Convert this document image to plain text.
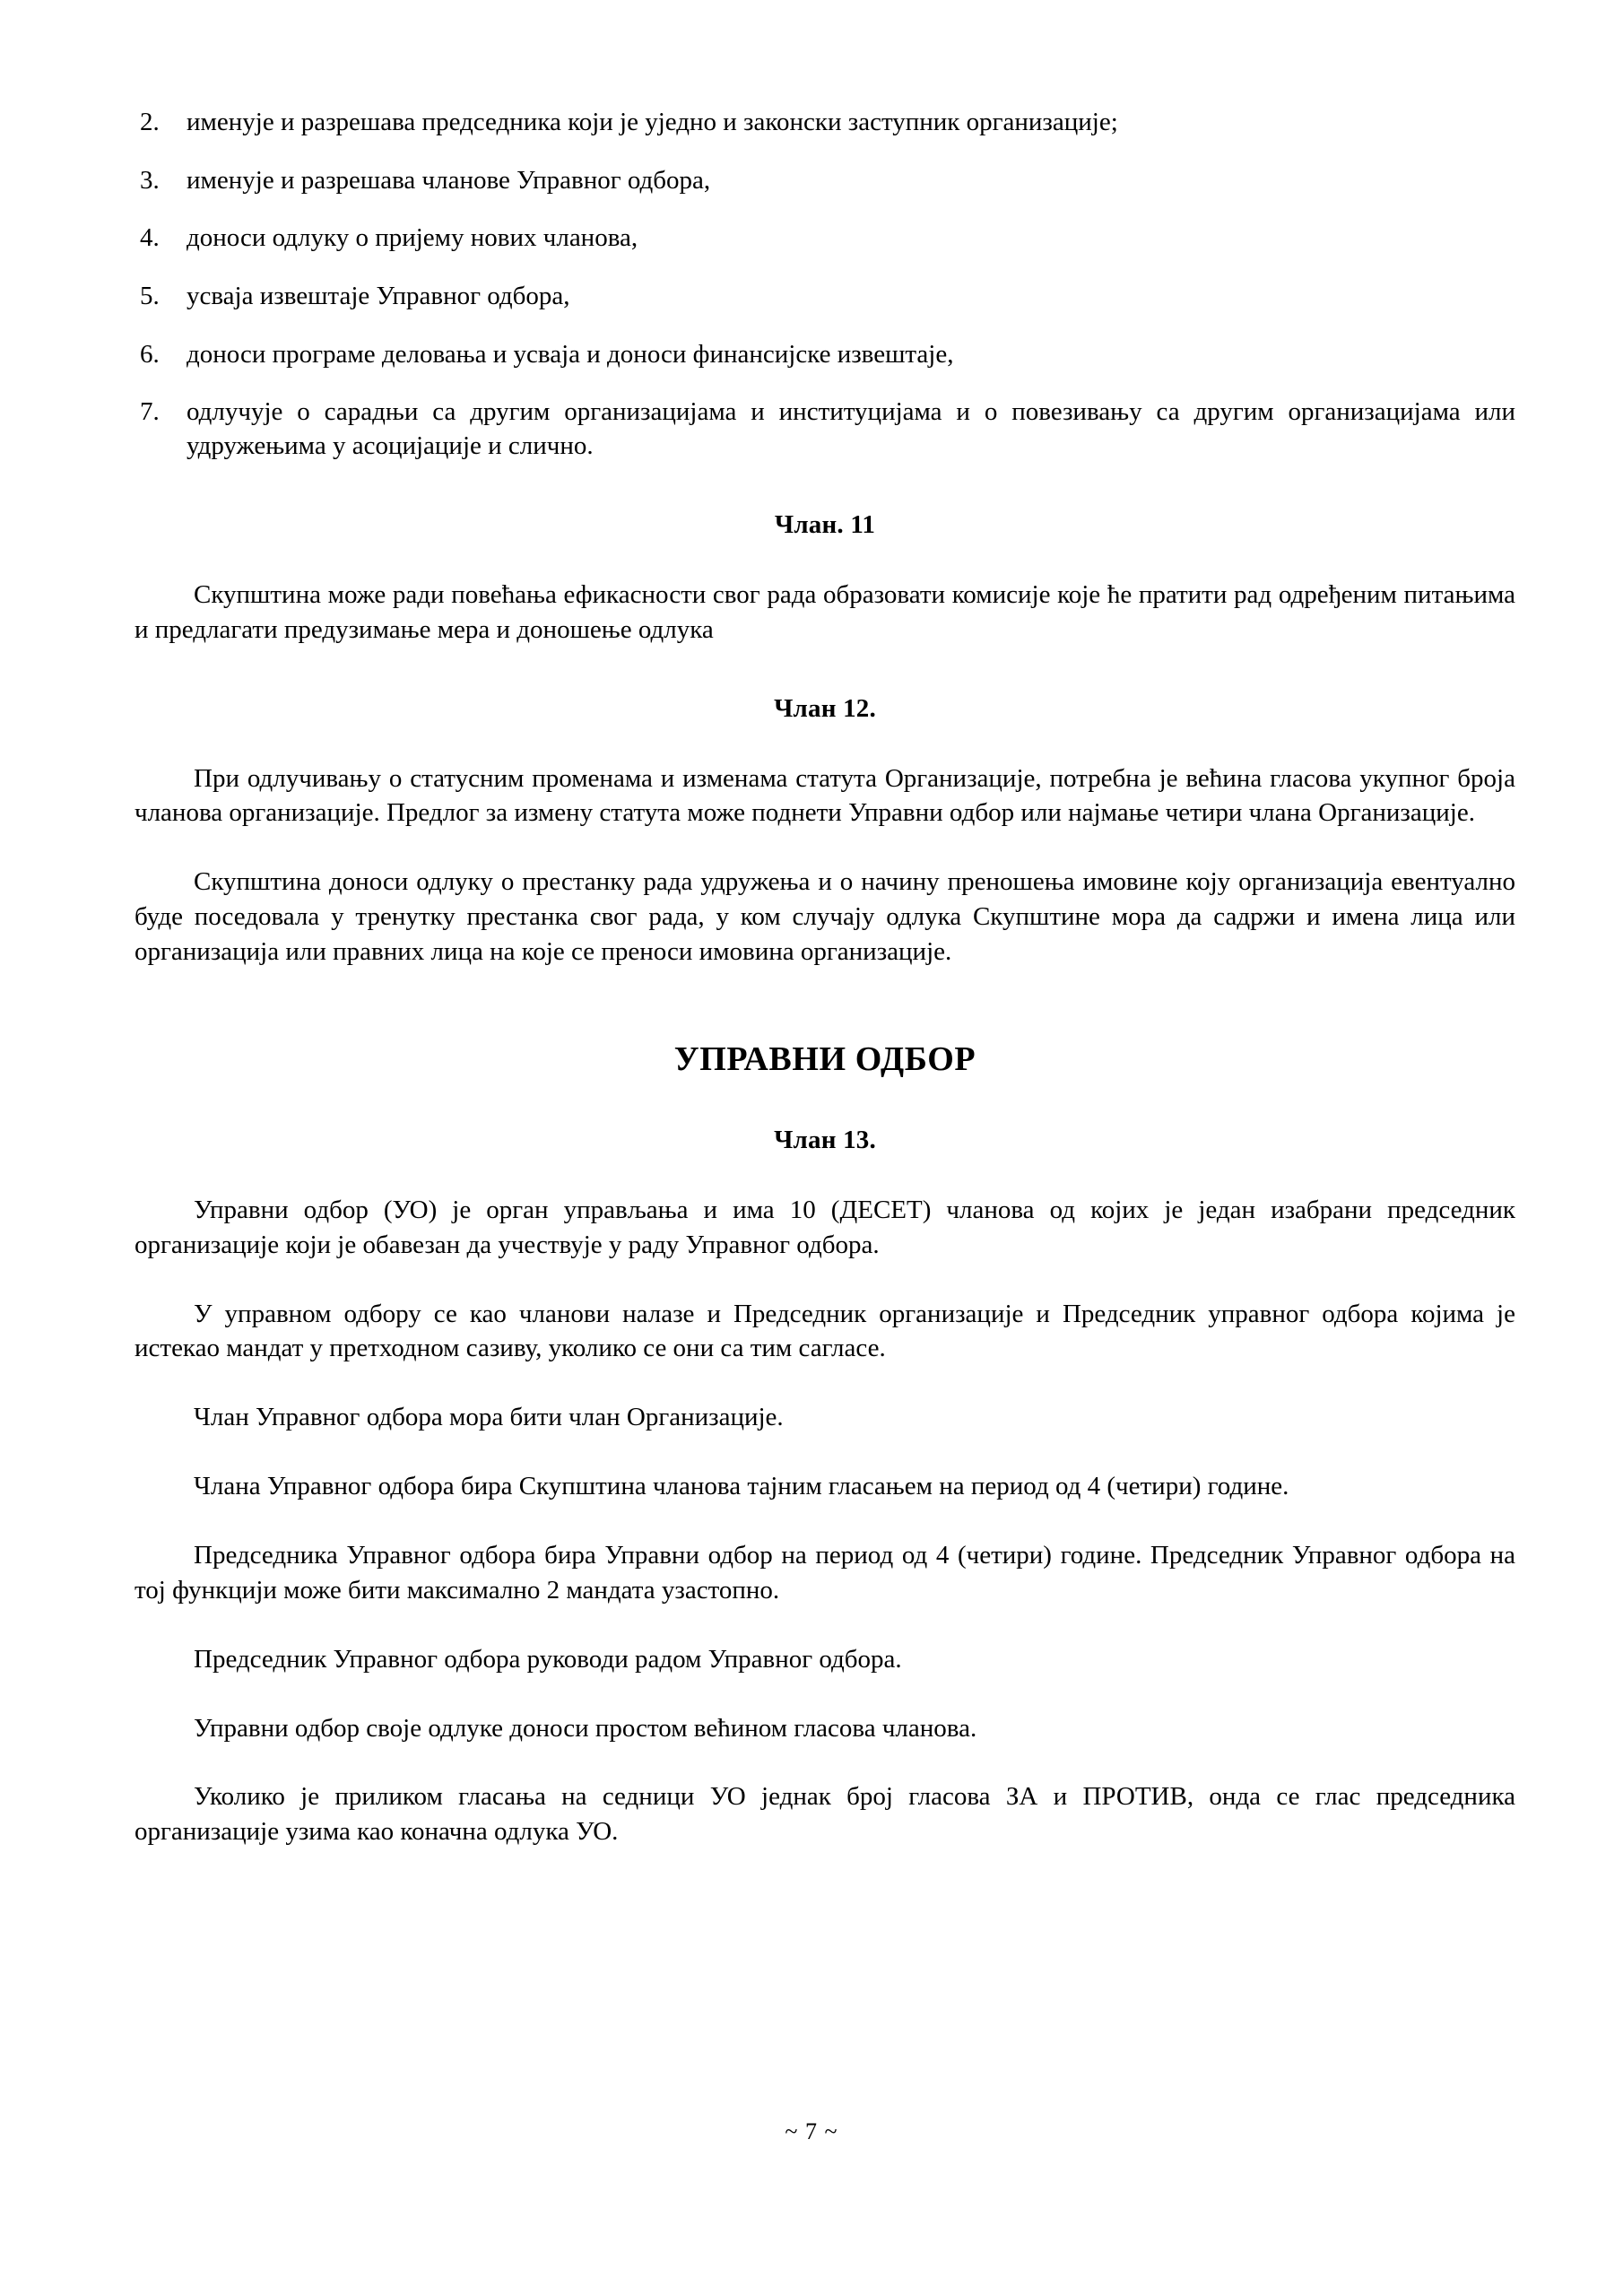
2.	именује и разрешава председника који је уједно и законски заступник организације;
3.	именује и разрешава чланове Управног одбора,
4.	доноси одлуку о пријему нових чланова,
5.	усваја извештаје Управног одбора,
6.	доноси програме деловања и усваја и доноси финансијске извештаје,
7.	одлучује о сарадњи са другим организацијама и институцијама и о повезивању са другим организацијама или удружењима у асоцијације и слично.
Члан. 11

Скупштина може ради повећања ефикасности свог рада образовати комисије које ће пратити рад одређеним питањима и предлагати предузимање мера и доношење одлука

Члан 12.

При одлучивању о статусним променама и изменама статута Организације, потребна је већина гласова укупног броја чланова организације. Предлог за измену статута може поднети Управни одбор или најмање четири члана Организације.

Скупштина доноси одлуку о престанку рада удружења и о начину преношења имовине коју организација евентуално буде поседовала у тренутку престанка свог рада, у ком случају одлука Скупштине мора да садржи и имена лица или организација или правних лица на које се преноси имовина организације.

УПРАВНИ ОДБОР
Члан 13.

Управни одбор (УО) је орган управљања и има 10 (ДЕСЕТ) чланова од којих је један изабрани председник организације који је обавезан да учествује у раду Управног одбора.

У управном одбору се као чланови налазе и Председник организације и Председник управног одбора којима је истекао мандат у претходном сазиву, уколико се они са тим сагласе.

Члан Управног одбора мора бити члан Организације.

Члана Управног одбора бира Скупштина чланова тајним гласањем на период од 4 (четири) године.

Председника Управног одбора бира Управни одбор на период од 4 (четири) године. Председник Управног одбора на тој функцији може бити максимално 2 мандата узастопно.

Председник Управног одбора руководи радом Управног одбора.

Управни одбор своје одлуке доноси простом већином гласова чланова.

Уколико је приликом гласања на седници УО једнак број гласова ЗА и ПРОТИВ, онда се глас председника организације узима као коначна одлука УО.

~ 7 ~
